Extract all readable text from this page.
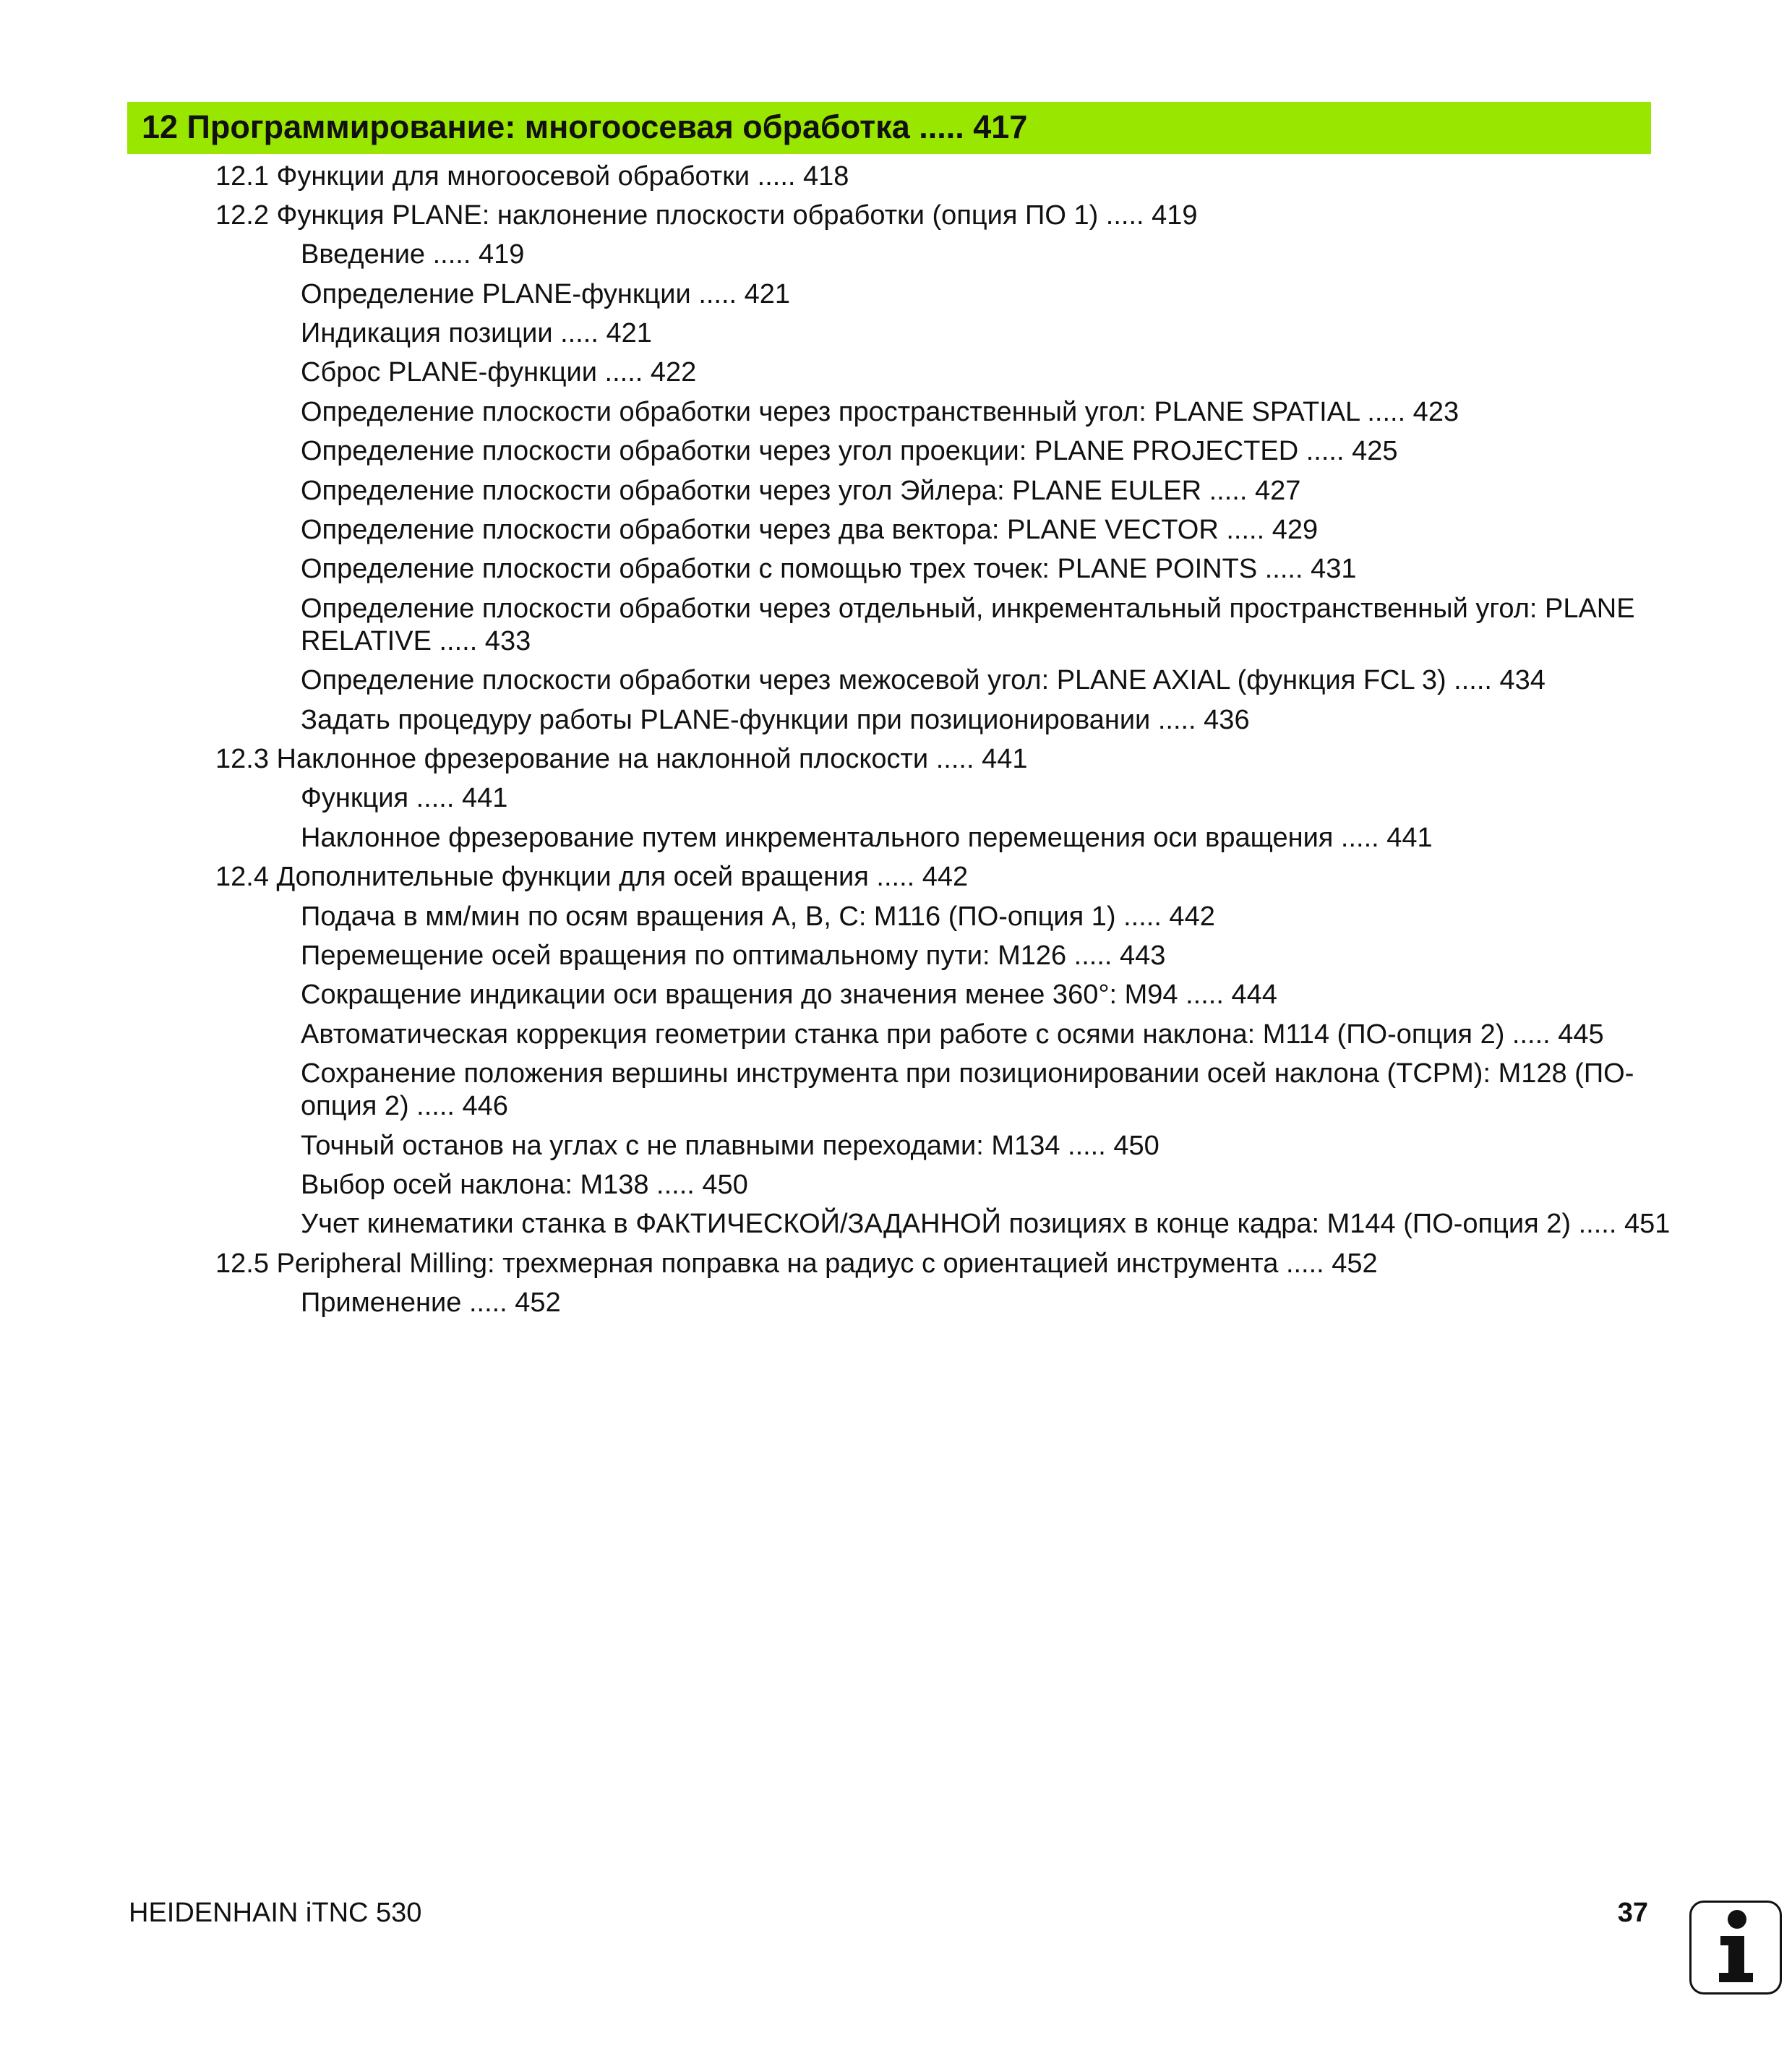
12 Программирование: многоосевая обработка ..... 417
12.1 Функции для многоосевой обработки ..... 418
12.2 Функция PLANE: наклонение плоскости обработки (опция ПО 1) ..... 419
Введение ..... 419
Определение PLANE-функции ..... 421
Индикация позиции ..... 421
Сброс PLANE-функции ..... 422
Определение плоскости обработки через пространственный угол: PLANE SPATIAL ..... 423
Определение плоскости обработки через угол проекции: PLANE PROJECTED ..... 425
Определение плоскости обработки через угол Эйлера: PLANE EULER ..... 427
Определение плоскости обработки через два вектора: PLANE VECTOR ..... 429
Определение плоскости обработки с помощью трех точек: PLANE POINTS ..... 431
Определение плоскости обработки через отдельный, инкрементальный пространственный угол: PLANE
RELATIVE ..... 433
Определение плоскости обработки через межосевой угол: PLANE AXIAL (функция FCL 3) ..... 434
Задать процедуру работы PLANE-функции при позиционировании ..... 436
12.3 Наклонное фрезерование на наклонной плоскости ..... 441
Функция ..... 441
Наклонное фрезерование путем инкрементального перемещения оси вращения ..... 441
12.4 Дополнительные функции для осей вращения ..... 442
Подача в мм/мин по осям вращения A, B, C: M116 (ПО-опция 1) ..... 442
Перемещение осей вращения по оптимальному пути: M126 ..... 443
Сокращение индикации оси вращения до значения менее 360°: M94 ..... 444
Автоматическая коррекция геометрии станка при работе с осями наклона: M114 (ПО-опция 2) ..... 445
Сохранение положения вершины инструмента при позиционировании осей наклона (TCPM): M128 (ПО-
опция 2) ..... 446
Точный останов на углах с не плавными переходами: M134 ..... 450
Выбор осей наклона: M138 ..... 450
Учет кинематики станка в ФАКТИЧЕСКОЙ/ЗАДАННОЙ позициях в конце кадра: M144 (ПО-опция 2) ..... 451
12.5 Peripheral Milling: трехмерная поправка на радиус с ориентацией инструмента ..... 452
Применение ..... 452
HEIDENHAIN iTNC 530	37
